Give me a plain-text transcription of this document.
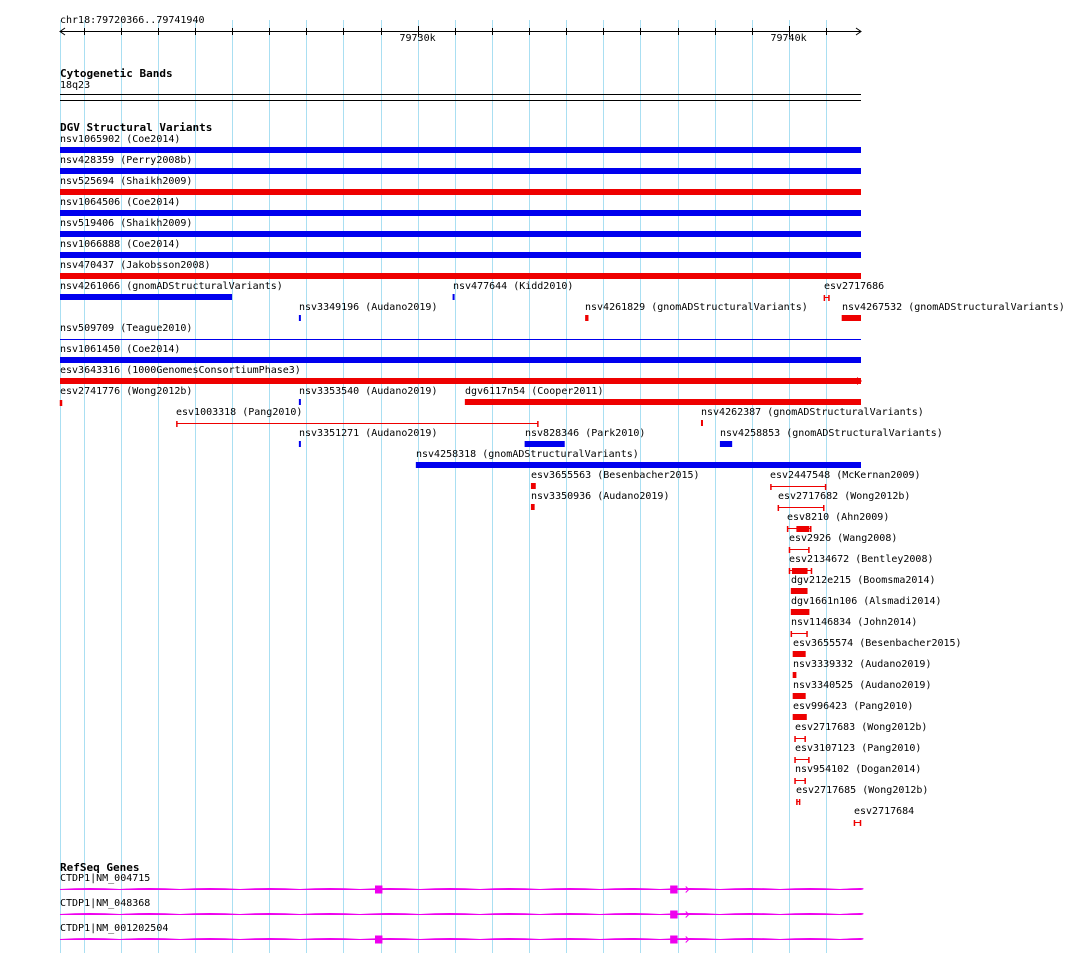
chr18:79720366..79741940
Cytogenetic Bands
18q23
DGV Structural Variants
RefSeq Genes
79730k	79740k
nsv1065902 (Coe2014)
nsv428359 (Perry2008b)
nsv525694 (Shaikh2009)
nsv1064506 (Coe2014)
nsv519406 (Shaikh2009)
nsv1066888 (Coe2014)
nsv470437 (Jakobsson2008)
nsv4261066 (gnomADStructuralVariants)
nsv3349196 (Audano2019)
nsv477644 (Kidd2010)
nsv4261829 (gnomADStructuralVariants)
esv2717686
nsv509709 (Teague2010)
nsv1061450 (Coe2014)
esv3643316 (1000GenomesConsortiumPhase3)
esv2741776 (Wong2012b)	nsv3353540 (Audano2019)	dgv6117n54 (Cooper2011)
esv1003318 (Pang2010)	nsv4262387 (gnomADStructuralVariants)
nsv3351271 (Audano2019)	nsv828346 (Park2010)	nsv4258853 (gnomADStructuralVariants)
nsv4258318 (gnomADStructuralVariants)
esv3655563 (Besenbacher2015)	esv2447548 (McKernan2009)
nsv3350936 (Audano2019)	esv2717682 (Wong2012b)
esv8210 (Ahn2009)
esv2926 (Wang2008)
esv2134672 (Bentley2008)
dgv212e215 (Boomsma2014)
dgv1661n106 (Alsmadi2014)
nsv1146834 (John2014)
esv3655574 (Besenbacher2015)
nsv3339332 (Audano2019)
nsv3340525 (Audano2019)
esv996423 (Pang2010)
esv2717683 (Wong2012b)
esv3107123 (Pang2010)
nsv954102 (Dogan2014)
esv2717685 (Wong2012b)
nsv4267532 (gnomADStructuralVariants)
esv2717684
CTDP1|NM_004715
CTDP1|NM_048368
CTDP1|NM_001202504
